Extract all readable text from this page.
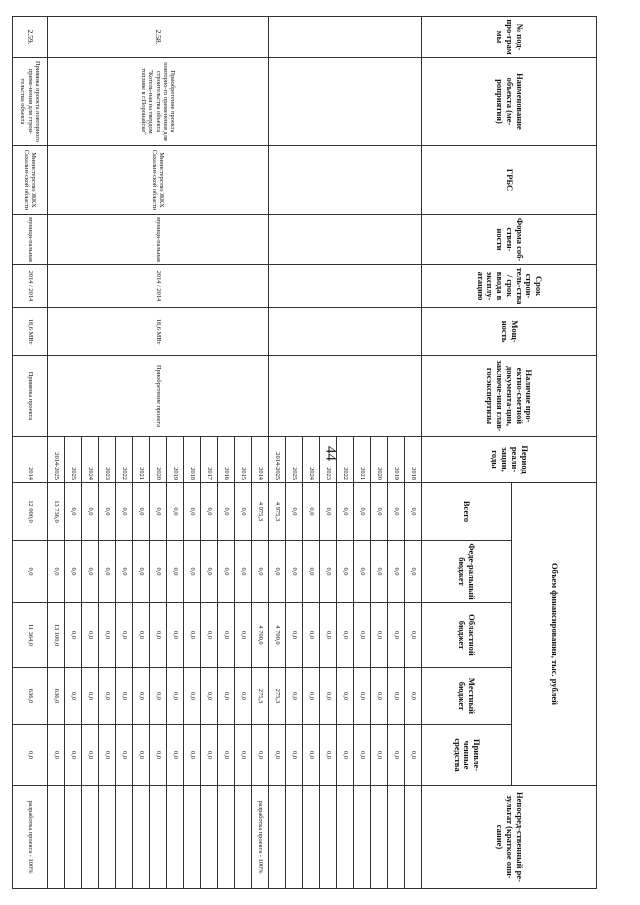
44
№ под-про-грам мы	Наименование объекта (ме-роприятия)	ГРБС	Форма соб-ствен-ности	Срок строи-тель-ства / срок ввода в эксплу-атацию	Мощ-ность	Наличие про-ектно-сметной документа-ции, заключе-ния глав-госэкспертизы	Период реали-зации, годы	Объем финансирования, тыс. рублей					Непосред-ственный ре-зультат (краткое опи-сание)
								Всего	Феде-ральный бюджет	Областной бюджет	Местный бюджет	Привле-ченные средства	
							2018	0,0	0,0	0,0	0,0	0,0	
							2019	0,0	0,0	0,0	0,0	0,0	
							2020	0,0	0,0	0,0	0,0	0,0	
							2021	0,0	0,0	0,0	0,0	0,0	
							2022	0,0	0,0	0,0	0,0	0,0	
							2023	0,0	0,0	0,0	0,0	0,0	
							2024	0,0	0,0	0,0	0,0	0,0	
							2025	0,0	0,0	0,0	0,0	0,0	
							2014-2025	4 975,3	0,0	4 700,0	275,3	0,0	
2.58.	Приобретение проекта повторно-го применения для строительства объекта "Котель-ная на твердом топливе в г.Поронайске"	Министерство ЖКХ Сахалин-ской области	муници-пальная	2014 / 2014	18,6 МВт	Приобретение проекта	2014	4 975,3	0,0	4 700,0	275,3	0,0	разработка проекта - 100%
							2015	0,0	0,0	0,0	0,0	0,0	
							2016	0,0	0,0	0,0	0,0	0,0	
							2017	0,0	0,0	0,0	0,0	0,0	
							2018	0,0	0,0	0,0	0,0	0,0	
							2019	0,0	0,0	0,0	0,0	0,0	
							2020	0,0	0,0	0,0	0,0	0,0	
							2021	0,0	0,0	0,0	0,0	0,0	
							2022	0,0	0,0	0,0	0,0	0,0	
							2023	0,0	0,0	0,0	0,0	0,0	
							2024	0,0	0,0	0,0	0,0	0,0	
							2025	0,0	0,0	0,0	0,0	0,0	
							2014-2025	13 736,0	0,0	13 100,0	636,0	0,0	
2.59.	Привязка проекта повторного приме-нения для строи-тельства объекта	Министерство ЖКХ Сахалин-ской области	муници-пальная	2014 / 2014	18,6 МВт	Привязка проекта	2014	12 000,0	0,0	11 364,0	636,0	0,0	разработка проекта - 100%
